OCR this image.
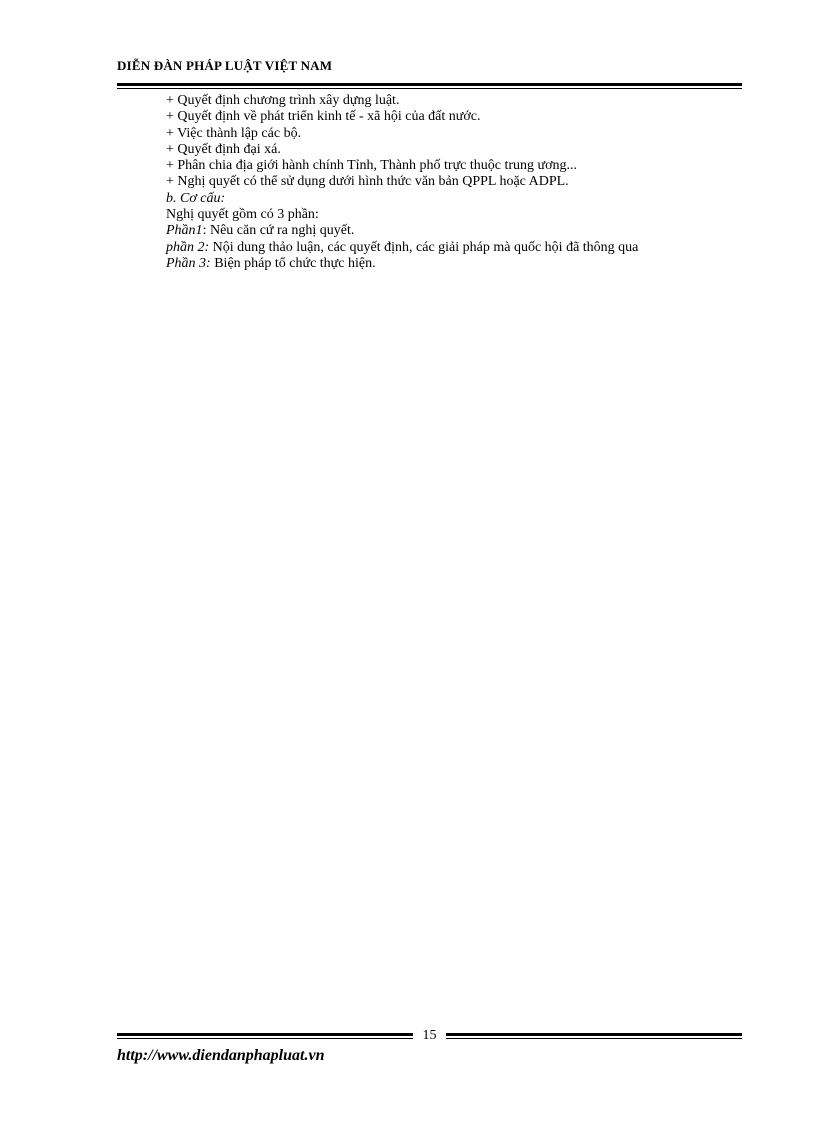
DIỄN ĐÀN PHÁP LUẬT VIỆT NAM
+ Quyết định chương trình xây dựng luật.
+ Quyết định về phát triển kinh tế - xã hội của đất nước.
+ Việc thành lập các bộ.
+ Quyết định đại xá.
+ Phân chia địa giới hành chính Tỉnh, Thành phố trực thuộc trung ương...
+ Nghị quyết có thể sử dụng dưới hình thức văn bản QPPL hoặc ADPL.
b. Cơ cấu:
Nghị quyết gồm có 3 phần:
Phần1: Nêu căn cứ ra nghị quyết.
phần 2: Nội dung thảo luận, các quyết định, các giải pháp mà quốc hội đã thông qua
Phần 3: Biện pháp tổ chức thực hiện.
15
http://www.diendanphapluat.vn
